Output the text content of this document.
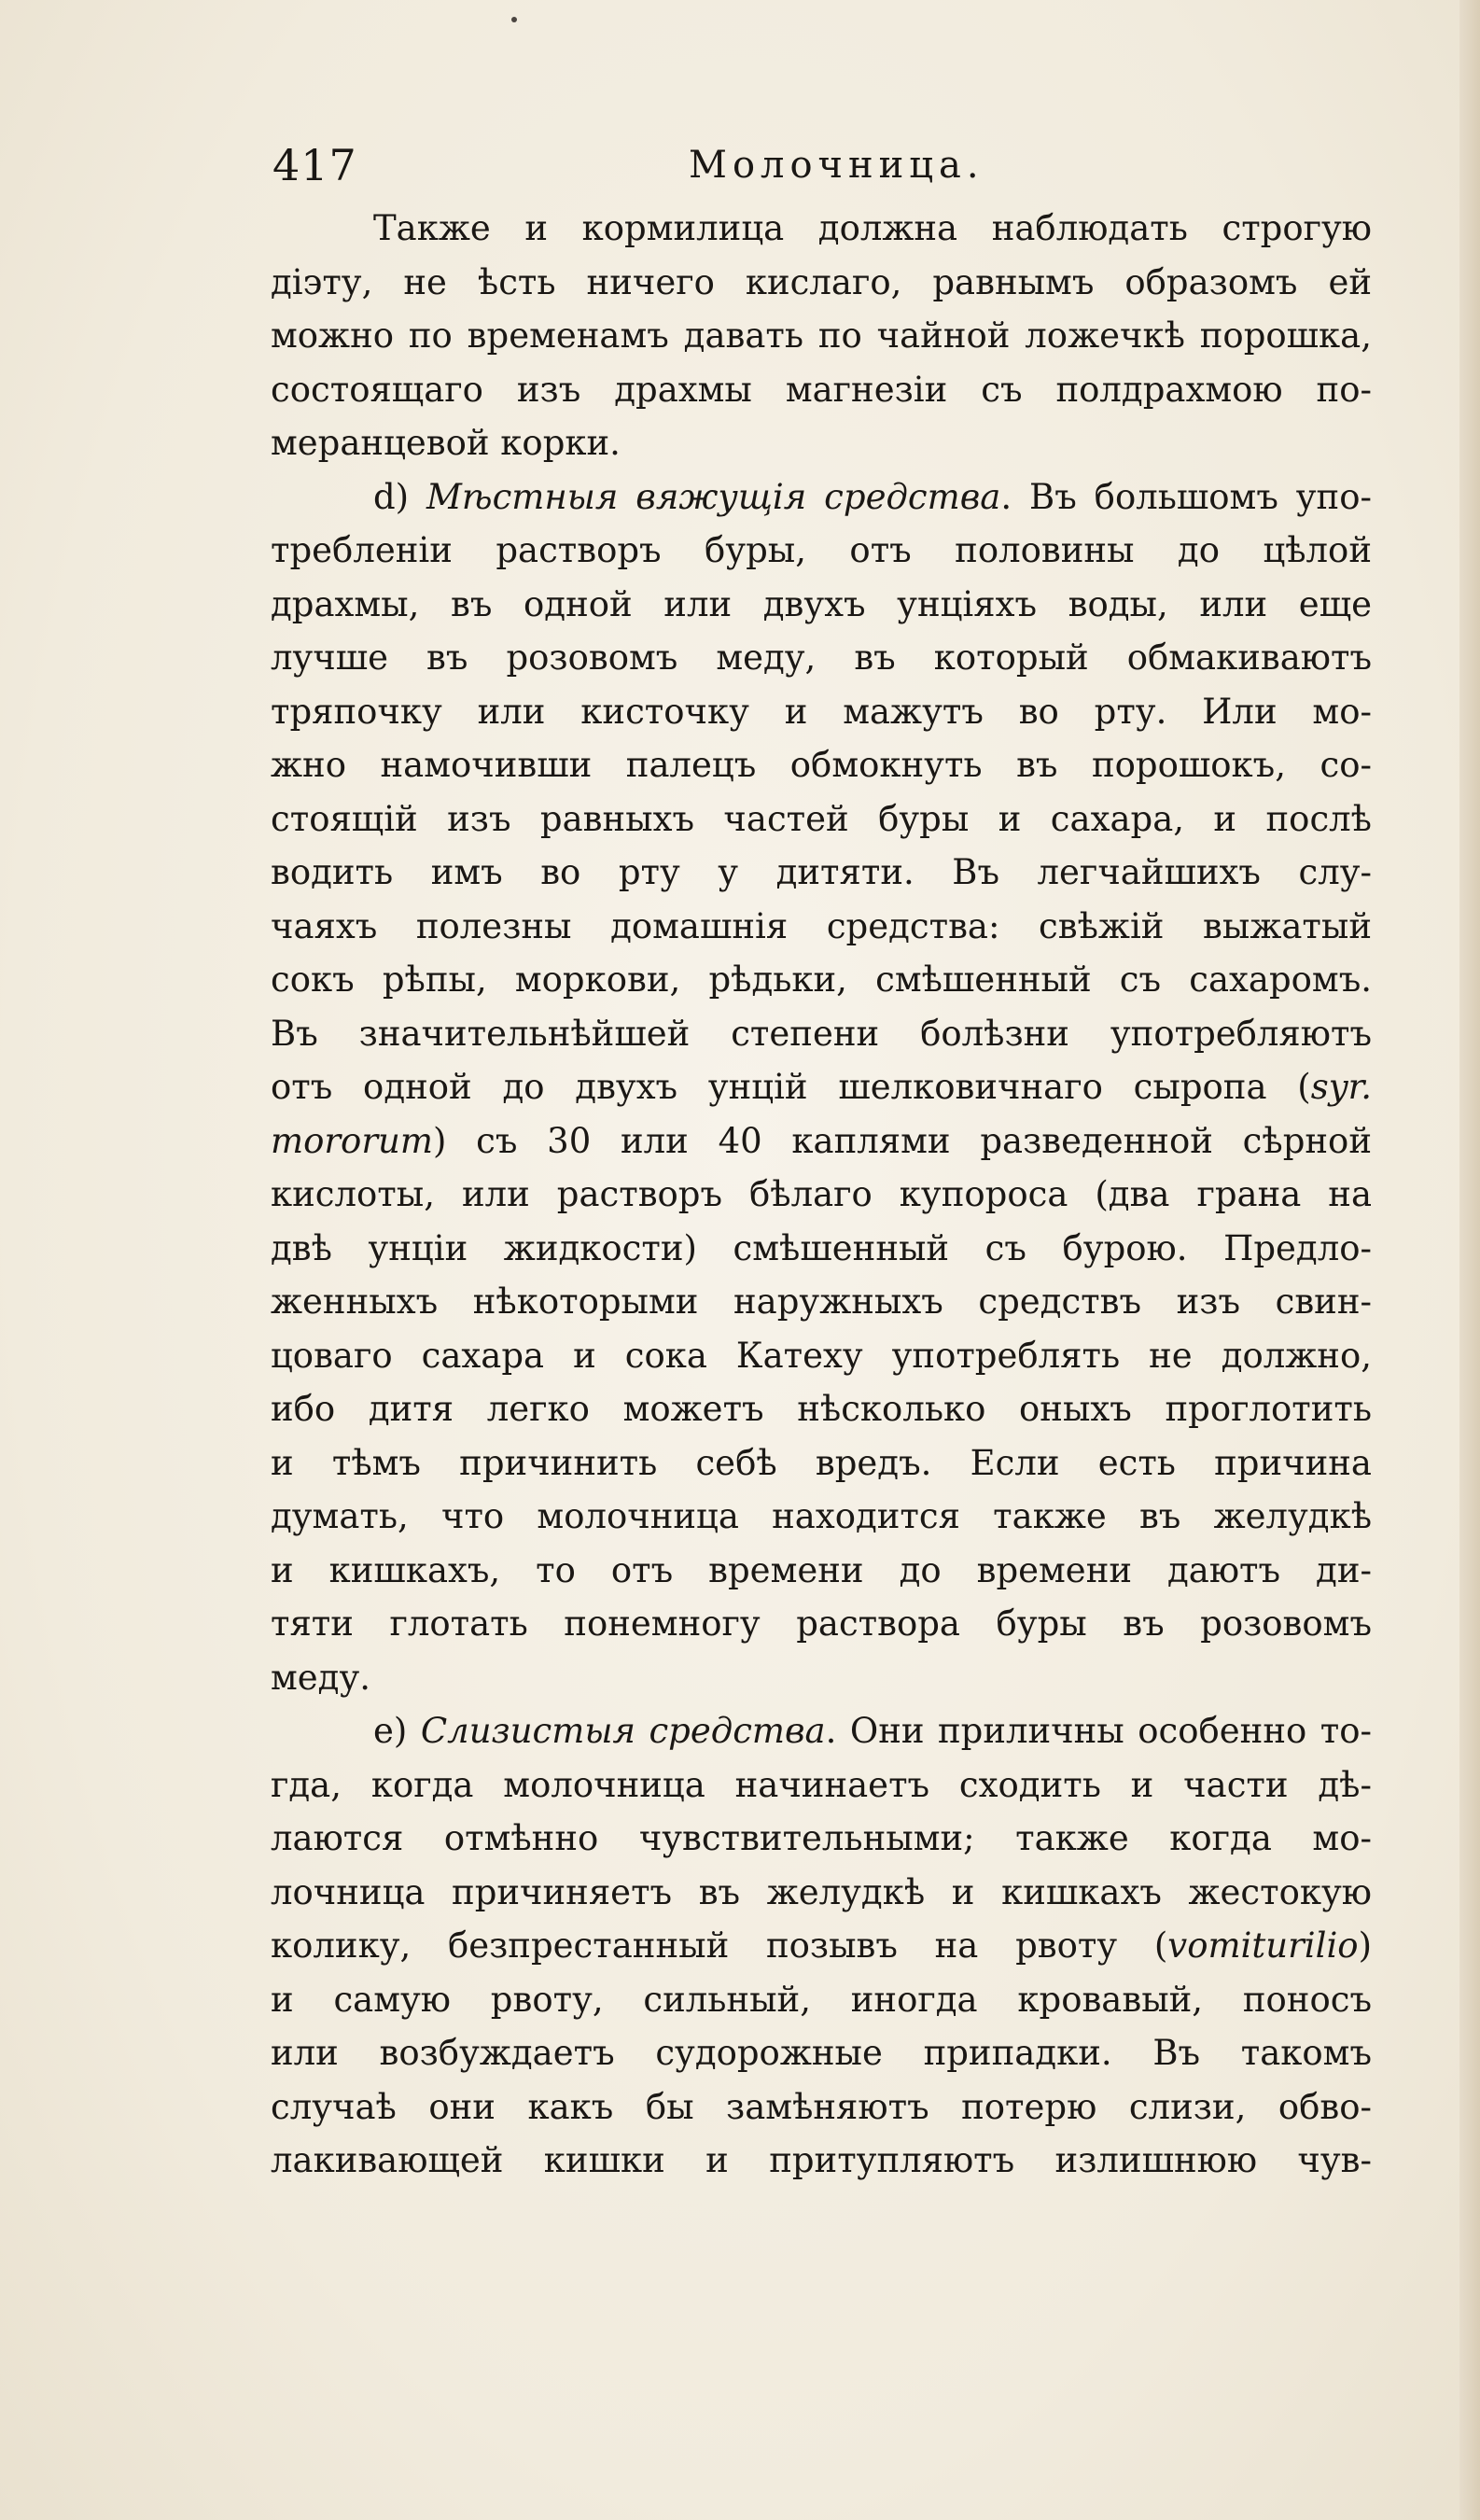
417	Молочница.
Также и кормилица должна наблюдать строгую
діэту, не ѣсть ничего кислаго, равнымъ образомъ ей
можно по временамъ давать по чайной ложечкѣ порошка,
состоящаго изъ драхмы магнезіи съ полдрахмою по-
меранцевой корки.
d) Мѣстныя вяжущія средства. Въ большомъ упо-
требленіи растворъ буры, отъ половины до цѣлой
драхмы, въ одной или двухъ унціяхъ воды, или еще
лучше въ розовомъ меду, въ который обмакиваютъ
тряпочку или кисточку и мажутъ во рту. Или мо-
жно намочивши палецъ обмокнуть въ порошокъ, со-
стоящій изъ равныхъ частей буры и сахара, и послѣ
водить имъ во рту у дитяти. Въ легчайшихъ слу-
чаяхъ полезны домашнія средства: свѣжій выжатый
сокъ рѣпы, моркови, рѣдьки, смѣшенный съ сахаромъ.
Въ значительнѣйшей степени болѣзни употребляютъ
отъ одной до двухъ унцій шелковичнаго сыропа (syr.
mororum) съ 30 или 40 каплями разведенной сѣрной
кислоты, или растворъ бѣлаго купороса (два грана на
двѣ унціи жидкости) смѣшенный съ бурою. Предло-
женныхъ нѣкоторыми наружныхъ средствъ изъ свин-
цоваго сахара и сока Катеху употреблять не должно,
ибо дитя легко можетъ нѣсколько оныхъ проглотить
и тѣмъ причинить себѣ вредъ. Если есть причина
думать, что молочница находится также въ желудкѣ
и кишкахъ, то отъ времени до времени даютъ ди-
тяти глотать понемногу раствора буры въ розовомъ
меду.
e) Слизистыя средства. Они приличны особенно то-
гда, когда молочница начинаетъ сходить и части дѣ-
лаются отмѣнно чувствительными; также когда мо-
лочница причиняетъ въ желудкѣ и кишкахъ жестокую
колику, безпрестанный позывъ на рвоту (vomiturilio)
и самую рвоту, сильный, иногда кровавый, поносъ
или возбуждаетъ судорожные припадки. Въ такомъ
случаѣ они какъ бы замѣняютъ потерю слизи, обво-
лакивающей кишки и притупляютъ излишнюю чув-
